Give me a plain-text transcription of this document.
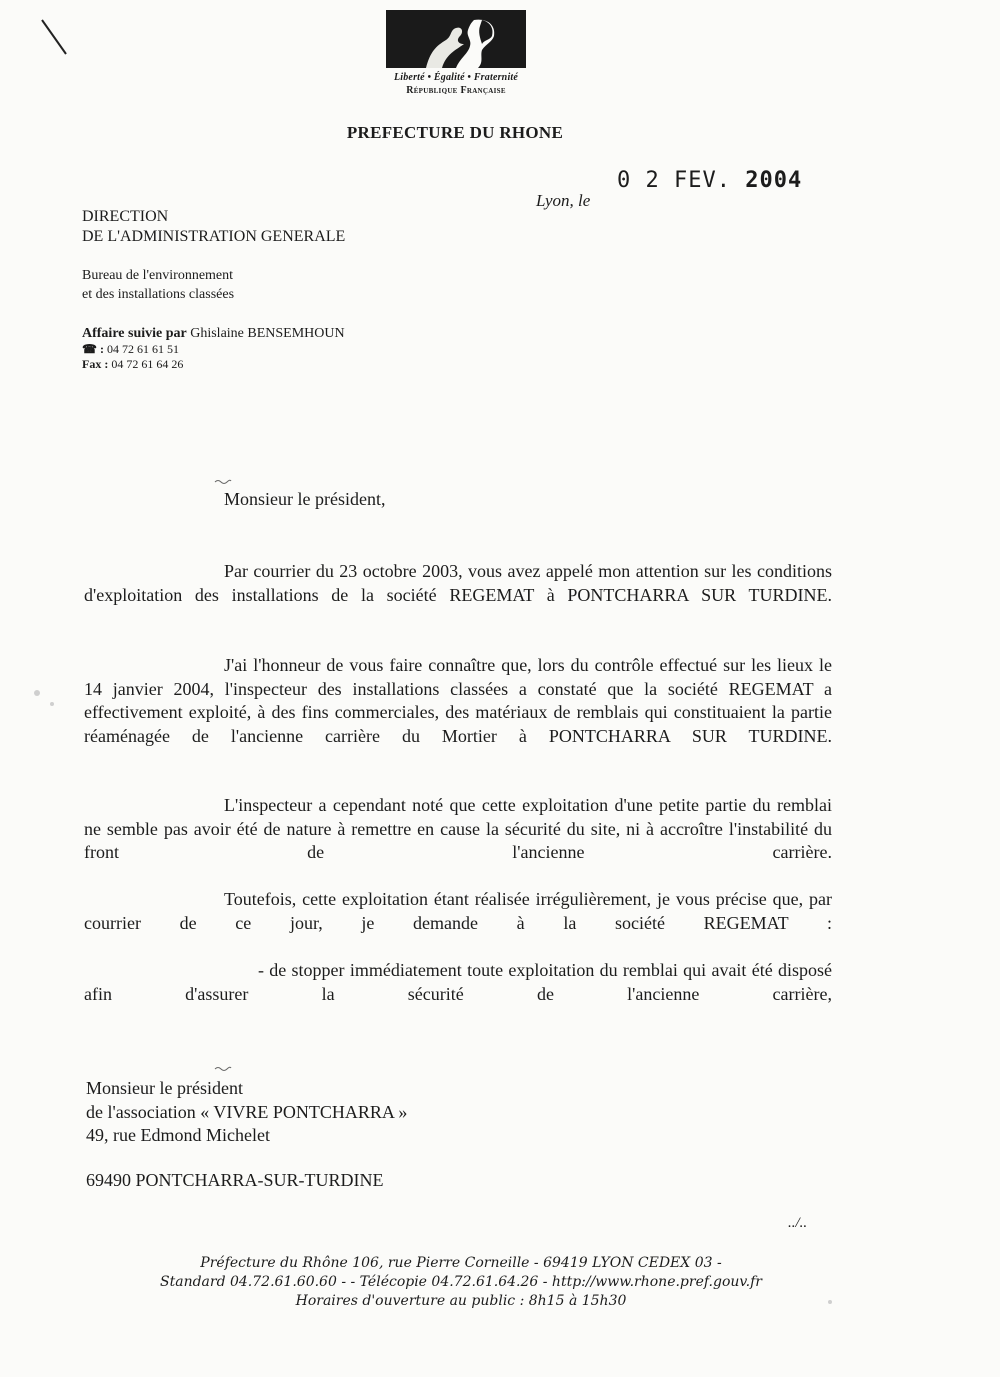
Liberté • Égalité • Fraternité
République Française
PREFECTURE DU RHONE
0 2 FEV. 2004
Lyon, le
DIRECTION
DE L'ADMINISTRATION GENERALE
Bureau de l'environnement
et des installations classées
Affaire suivie par Ghislaine BENSEMHOUN
☎ : 04 72 61 61 51
Fax : 04 72 61 64 26
Monsieur le président,
Par courrier du 23 octobre 2003, vous avez appelé mon attention sur les conditions d'exploitation des installations de la société REGEMAT à PONTCHARRA SUR TURDINE.
J'ai l'honneur de vous faire connaître que, lors du contrôle effectué sur les lieux le 14 janvier 2004, l'inspecteur des installations classées a constaté que la société REGEMAT a effectivement exploité, à des fins commerciales, des matériaux de remblais qui constituaient la partie réaménagée de l'ancienne carrière du Mortier à PONTCHARRA SUR TURDINE.
L'inspecteur a cependant noté que cette exploitation d'une petite partie du remblai ne semble pas avoir été de nature à remettre en cause la sécurité du site, ni à accroître l'instabilité du front de l'ancienne carrière.
Toutefois, cette exploitation étant réalisée irrégulièrement, je vous précise que, par courrier de ce jour, je demande à la société REGEMAT :
- de stopper immédiatement toute exploitation du remblai qui avait été disposé afin d'assurer la sécurité de l'ancienne carrière,
Monsieur le président
de l'association « VIVRE PONTCHARRA »
49, rue Edmond Michelet
69490 PONTCHARRA-SUR-TURDINE
../..
Préfecture du Rhône 106, rue Pierre Corneille - 69419 LYON CEDEX 03 -
Standard 04.72.61.60.60 - - Télécopie 04.72.61.64.26 - http://www.rhone.pref.gouv.fr
Horaires d'ouverture au public : 8h15 à 15h30
